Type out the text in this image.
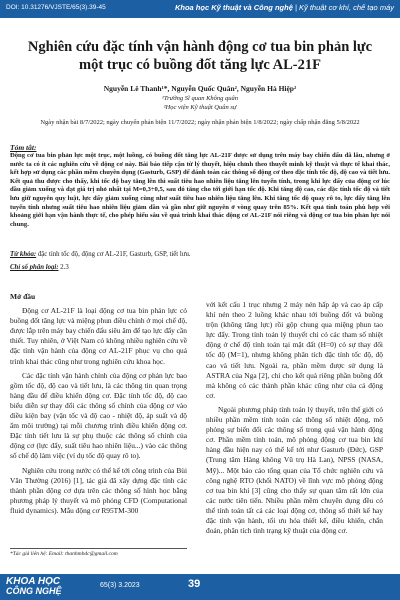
DOI: 10.31276/VJSTE/65(3).39-45	Khoa học Kỹ thuật và Công nghệ | Kỹ thuật cơ khí, chế tạo máy
Nghiên cứu đặc tính vận hành động cơ tua bin phản lực một trục có buồng đốt tăng lực AL-21F
Nguyễn Lê Thanh¹*, Nguyễn Quốc Quân², Nguyễn Hà Hiệp²
¹Trường Sĩ quan Không quân
²Học viện Kỹ thuật Quân sự
Ngày nhận bài 8/7/2022; ngày chuyển phản biện 11/7/2022; ngày nhận phản biện 1/8/2022; ngày chấp nhận đăng 5/8/2022
Tóm tắt:

Động cơ tua bin phản lực một trục, một luồng, có buồng đốt tăng lực AL-21F được sử dụng trên máy bay chiến đấu đã lâu, nhưng ở nước ta có ít các nghiên cứu về động cơ này. Bài báo tiếp cận từ lý thuyết, hiệu chỉnh theo thuyết minh kỹ thuật và thực tế khai thác, kết hợp sử dụng các phần mềm chuyên dụng (Gasturb, GSP) để đánh toàn các thông số động cơ theo đặc tính tốc độ, độ cao và tiết lưu. Kết quả thu được cho thấy, khi tốc độ bay tăng lên thì suất tiêu hao nhiên liệu tăng lên tuyến tính, trong khi lực đẩy của động cơ lúc đầu giảm xuống và đạt giá trị nhỏ nhất tại M=0,3÷0,5, sau đó tăng cho tới giới hạn tốc độ. Khi tăng độ cao, các đặc tính tốc độ và tiết lưu giữ nguyên quy luật, lực đẩy giảm xuống cùng như suất tiêu hao nhiên liệu tăng lên. Khi tăng tốc độ quay rô to, lực đẩy tăng lên tuyến tính nhưng suất tiêu hao nhiên liệu giảm dần và gần như giữ nguyên ở vòng quay trên 85%. Kết quả tính toán phù hợp với khoảng giới hạn vận hành thực tế, cho phép hiểu sâu về quá trình khai thác động cơ AL-21F nói riêng và động cơ tua bin phản lực nói chung.

Từ khóa: đặc tính tốc độ, động cơ AL-21F, Gasturb, GSP, tiết lưu.
Chỉ số phân loại: 2.3
Mở đầu

Động cơ AL-21F là loại động cơ tua bin phản lực có buồng đốt tăng lực và miệng phun điều chỉnh ở mọi chế độ, được lắp trên máy bay chiến đấu siêu âm để tạo lực đẩy cần thiết. Tuy nhiên, ở Việt Nam có không nhiều nghiên cứu về đặc tính vận hành của động cơ AL-21F phục vụ cho quá trình khai thác cũng như trong nghiên cứu khoa học.

Các đặc tính vận hành chính của động cơ phản lực bao gồm tốc độ, độ cao và tiết lưu, là các thông tin quan trọng hàng đầu để điều khiển động cơ. Đặc tính tốc độ, độ cao biểu diễn sự thay đổi các thông số chính của động cơ vào điều kiện bay (vận tốc và độ cao - nhiệt độ, áp suất và độ ẩm môi trường) tại mỗi chương trình điều khiển động cơ. Đặc tính tiết lưu là sự phụ thuộc các thông số chính của động cơ (lực đẩy, suất tiêu hao nhiên liệu...) vào các thông số chế độ làm việc (ví dụ tốc độ quay rô to).

Nghiên cứu trong nước có thể kể tới công trình của Bùi Văn Thường (2016) [1], tác giả đã xây dựng đặc tính các thành phần động cơ dựa trên các thông số hình học bằng phương pháp lý thuyết và mô phỏng CFD (Computational fluid dynamics). Mẫu động cơ R95TM-300

với kết cấu 1 trục nhưng 2 máy nén hấp áp và cao áp cấp khí nén theo 2 luồng khác nhau tới buồng đốt và buồng trộn (không tăng lực) rồi gộp chung qua miệng phun tao lực đẩy. Trong tính toán lý thuyết chỉ có các tham số nhiệt động ở chế độ tính toán tại mặt đất (H=0) có sự thay đổi tốc độ (M=1), nhưng không phân tích đặc tính tốc độ, độ cao và tiết lưu. Ngoài ra, phần mềm được sử dụng là ASTRA của Nga [2], chỉ cho kết quả riêng phần buồng đốt mà không có các thành phần khác cũng như của cả động cơ.

Ngoài phương pháp tính toán lý thuyết, trên thế giới có nhiều phần mềm tính toán các thông số nhiệt động, mô phỏng sự biến đổi các thông số trong quá vận hành động cơ. Phần mềm tính toán, mô phỏng động cơ tua bin khí hàng đầu hiện nay có thể kể tới như Gasturb (Đức), GSP (Trung tâm Hàng không Vũ trụ Hà Lan), NPSS (NASA, Mỹ)... Một báo cáo tổng quan của Tổ chức nghiên cứu và công nghệ RTO (khối NATO) về lĩnh vực mô phỏng động cơ tua bin khí [3] cũng cho thấy sự quan tâm rất lớn của các nước tiên tiến. Nhiều phần mềm chuyên dụng đều có thể tính toán tất cả các loại động cơ, thông số thiết kế hay đặc tính vận hành, tối ưu hóa thiết kế, điều khiển, chẩn đoán, phân tích tình trạng kỹ thuật của động cơ.

*Tác giả liên hệ: Email: thanhmbdc@gmail.com
KHOA HỌC
CÔNG NGHỆ
65(3) 3.2023	39
